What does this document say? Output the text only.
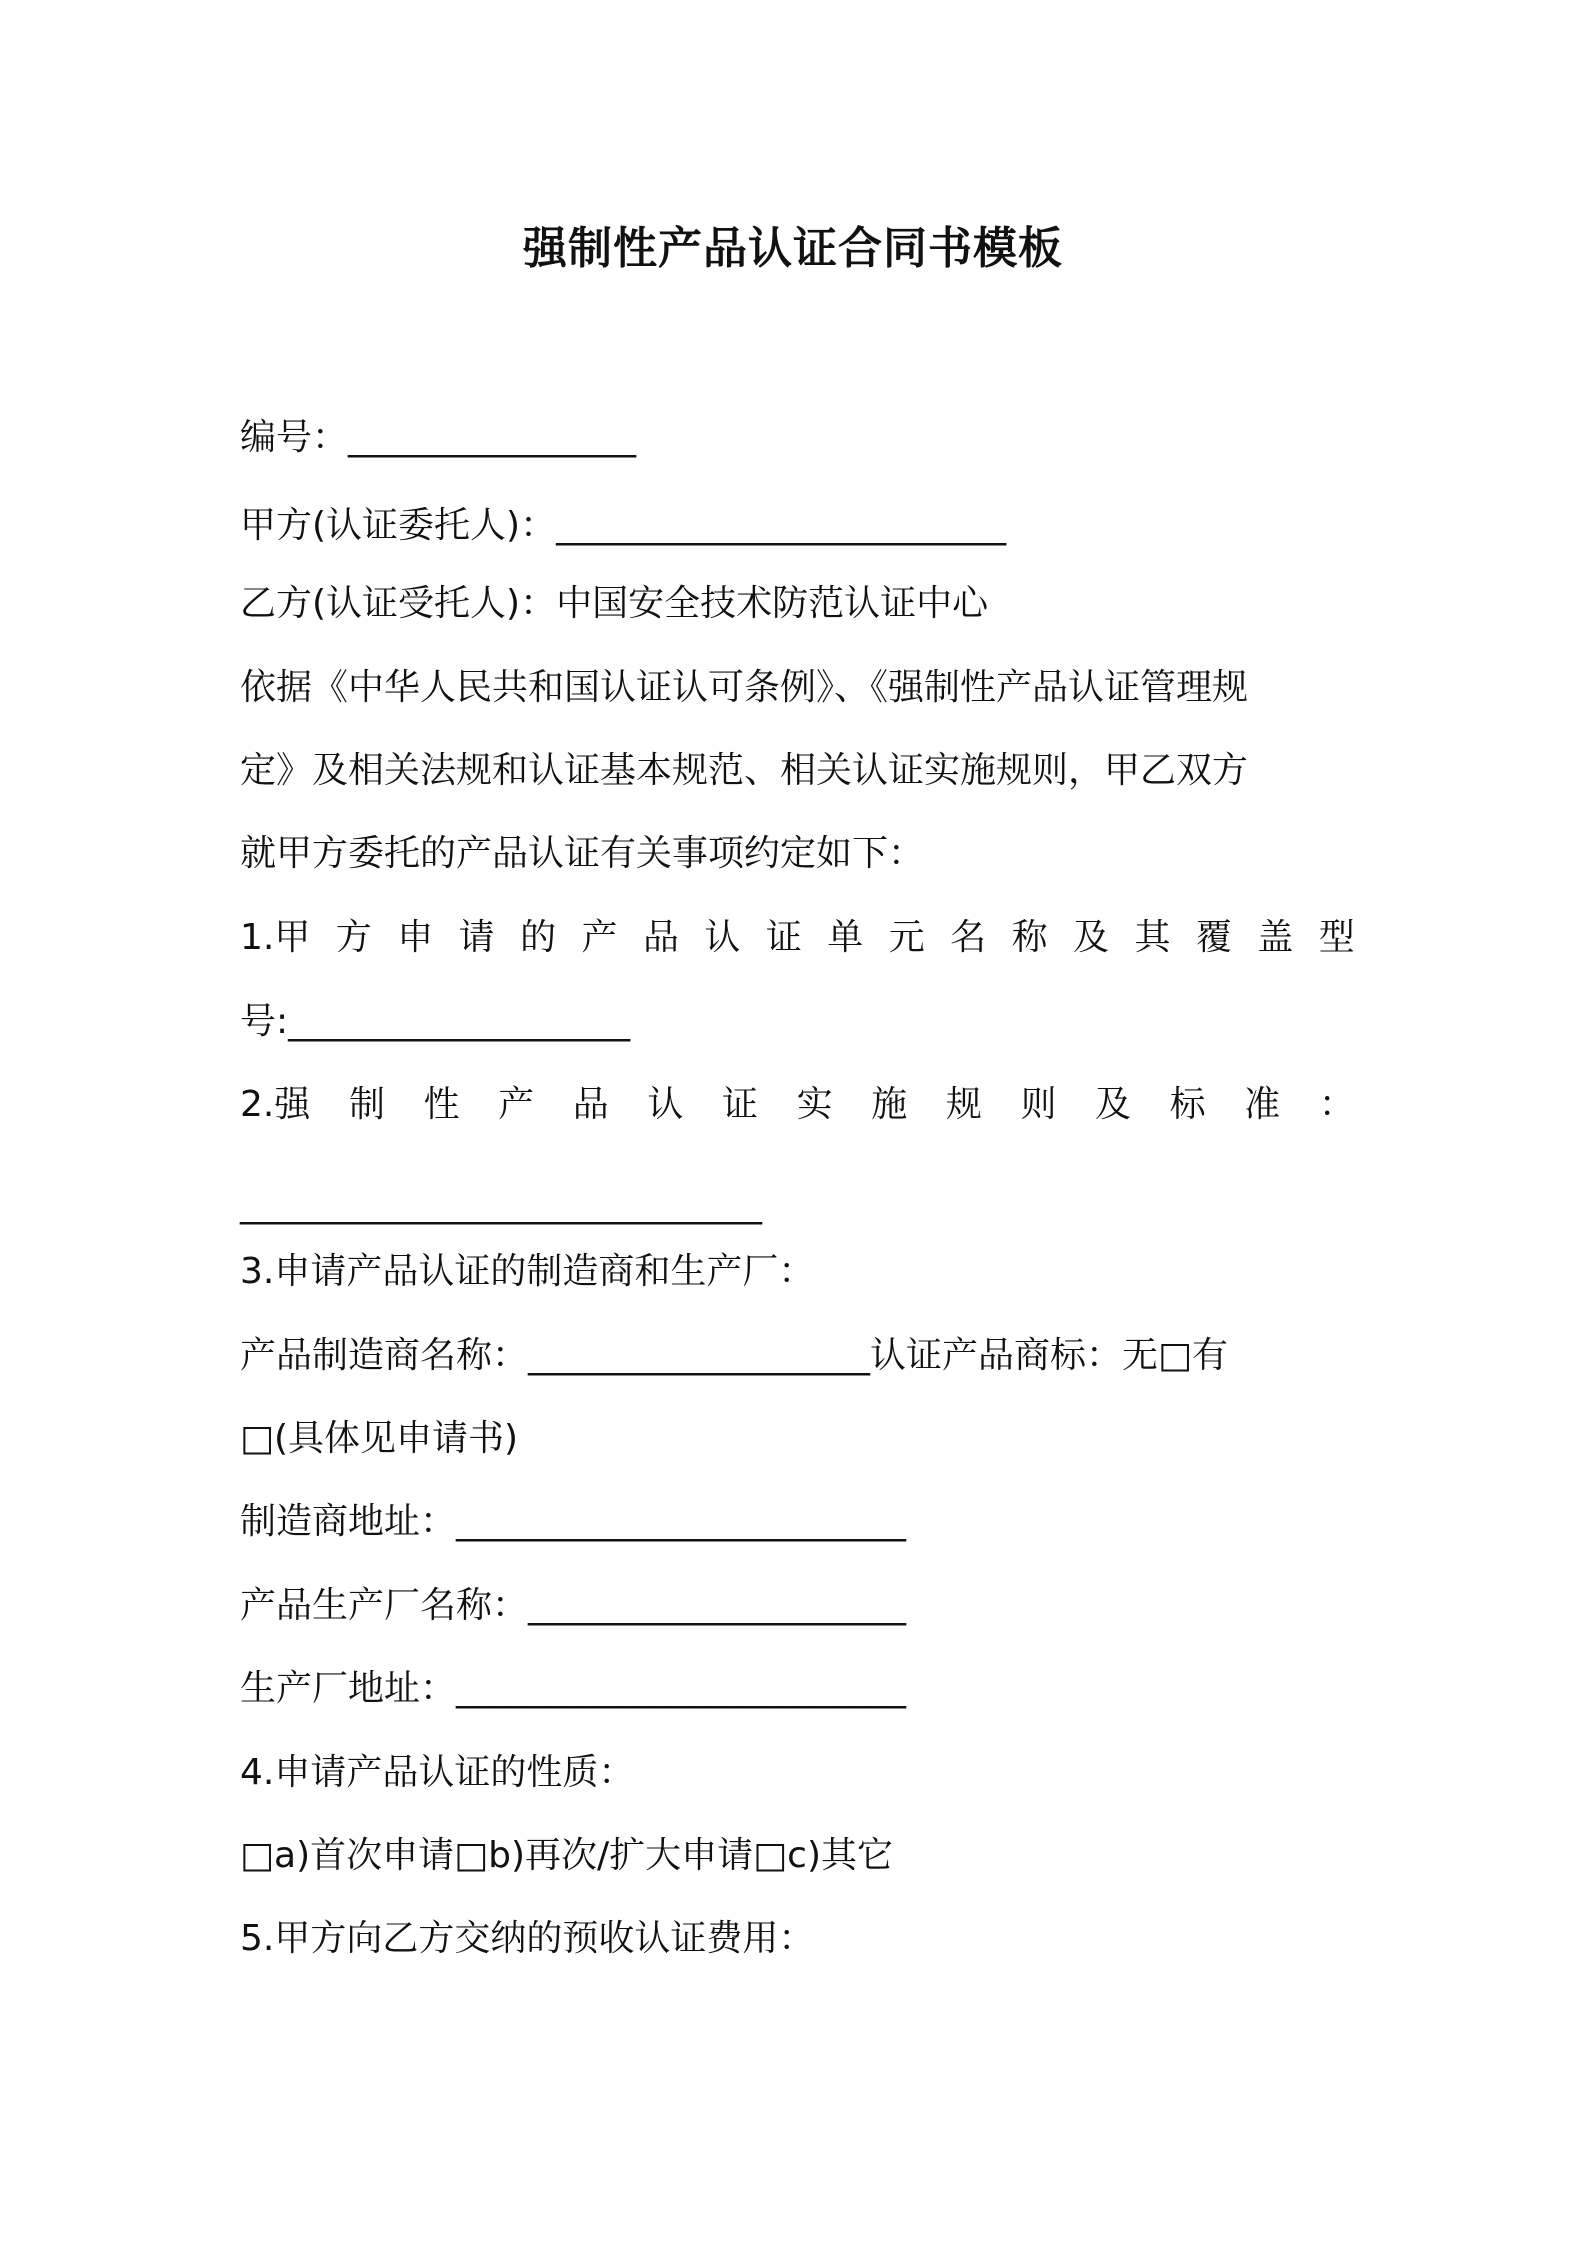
强制性产品认证合同书模板
编号：________________
甲方(认证委托人)：_________________________
乙方(认证受托人)：中国安全技术防范认证中心
依据《中华人民共和国认证认可条例》、《强制性产品认证管理规
定》及相关法规和认证基本规范、相关认证实施规则，甲乙双方
就甲方委托的产品认证有关事项约定如下：
1.甲 方 申 请 的 产 品 认 证 单 元 名 称 及 其 覆 盖 型
号:___________________
2.强 制 性 产 品 认 证 实 施 规 则 及 标 准 ：
_____________________________
3.申请产品认证的制造商和生产厂：
产品制造商名称：___________________认证产品商标：无□有
□(具体见申请书)
制造商地址：_________________________
产品生产厂名称：_____________________
生产厂地址：_________________________
4.申请产品认证的性质：
□a)首次申请□b)再次/扩大申请□c)其它
5.甲方向乙方交纳的预收认证费用：
